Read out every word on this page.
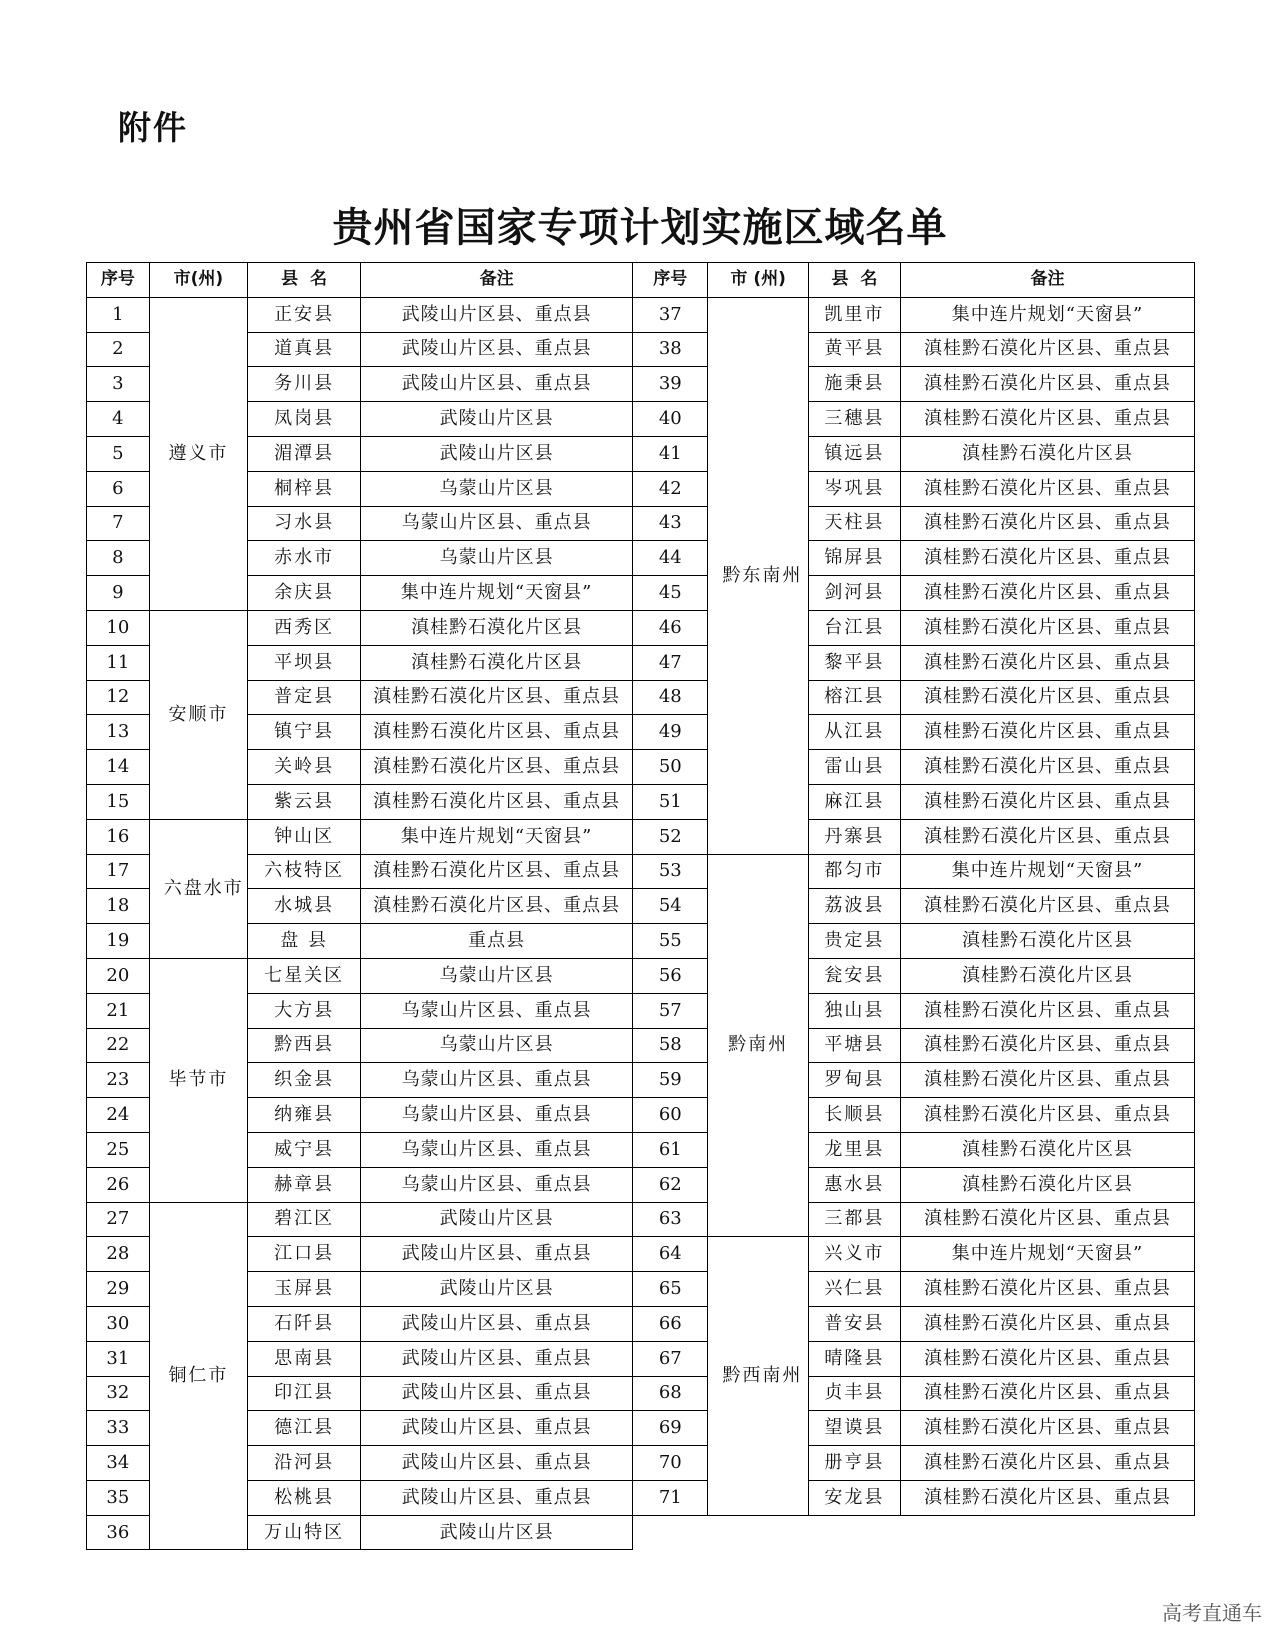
附件
贵州省国家专项计划实施区域名单
序号	市(州)	县  名	备注	序号	市 (州)	县  名	备注
1	遵义市	正安县	武陵山片区县、重点县	37	黔东南州	凯里市	集中连片规划“天窗县”
2		道真县	武陵山片区县、重点县	38		黄平县	滇桂黔石漠化片区县、重点县
3		务川县	武陵山片区县、重点县	39		施秉县	滇桂黔石漠化片区县、重点县
4		凤岗县	武陵山片区县	40		三穗县	滇桂黔石漠化片区县、重点县
5		湄潭县	武陵山片区县	41		镇远县	滇桂黔石漠化片区县
6		桐梓县	乌蒙山片区县	42		岑巩县	滇桂黔石漠化片区县、重点县
7		习水县	乌蒙山片区县、重点县	43		天柱县	滇桂黔石漠化片区县、重点县
8		赤水市	乌蒙山片区县	44		锦屏县	滇桂黔石漠化片区县、重点县
9		余庆县	集中连片规划“天窗县”	45		剑河县	滇桂黔石漠化片区县、重点县
10	安顺市	西秀区	滇桂黔石漠化片区县	46		台江县	滇桂黔石漠化片区县、重点县
11		平坝县	滇桂黔石漠化片区县	47		黎平县	滇桂黔石漠化片区县、重点县
12		普定县	滇桂黔石漠化片区县、重点县	48		榕江县	滇桂黔石漠化片区县、重点县
13		镇宁县	滇桂黔石漠化片区县、重点县	49		从江县	滇桂黔石漠化片区县、重点县
14		关岭县	滇桂黔石漠化片区县、重点县	50		雷山县	滇桂黔石漠化片区县、重点县
15		紫云县	滇桂黔石漠化片区县、重点县	51		麻江县	滇桂黔石漠化片区县、重点县
16	六盘水市	钟山区	集中连片规划“天窗县”	52		丹寨县	滇桂黔石漠化片区县、重点县
17		六枝特区	滇桂黔石漠化片区县、重点县	53	黔南州	都匀市	集中连片规划“天窗县”
18		水城县	滇桂黔石漠化片区县、重点县	54		荔波县	滇桂黔石漠化片区县、重点县
19		盘 县	重点县	55		贵定县	滇桂黔石漠化片区县
20	毕节市	七星关区	乌蒙山片区县	56		瓮安县	滇桂黔石漠化片区县
21		大方县	乌蒙山片区县、重点县	57		独山县	滇桂黔石漠化片区县、重点县
22		黔西县	乌蒙山片区县	58		平塘县	滇桂黔石漠化片区县、重点县
23		织金县	乌蒙山片区县、重点县	59		罗甸县	滇桂黔石漠化片区县、重点县
24		纳雍县	乌蒙山片区县、重点县	60		长顺县	滇桂黔石漠化片区县、重点县
25		威宁县	乌蒙山片区县、重点县	61		龙里县	滇桂黔石漠化片区县
26		赫章县	乌蒙山片区县、重点县	62		惠水县	滇桂黔石漠化片区县
27	铜仁市	碧江区	武陵山片区县	63		三都县	滇桂黔石漠化片区县、重点县
28		江口县	武陵山片区县、重点县	64	黔西南州	兴义市	集中连片规划“天窗县”
29		玉屏县	武陵山片区县	65		兴仁县	滇桂黔石漠化片区县、重点县
30		石阡县	武陵山片区县、重点县	66		普安县	滇桂黔石漠化片区县、重点县
31		思南县	武陵山片区县、重点县	67		晴隆县	滇桂黔石漠化片区县、重点县
32		印江县	武陵山片区县、重点县	68		贞丰县	滇桂黔石漠化片区县、重点县
33		德江县	武陵山片区县、重点县	69		望谟县	滇桂黔石漠化片区县、重点县
34		沿河县	武陵山片区县、重点县	70		册亨县	滇桂黔石漠化片区县、重点县
35		松桃县	武陵山片区县、重点县	71		安龙县	滇桂黔石漠化片区县、重点县
36		万山特区	武陵山片区县				
高考直通车
